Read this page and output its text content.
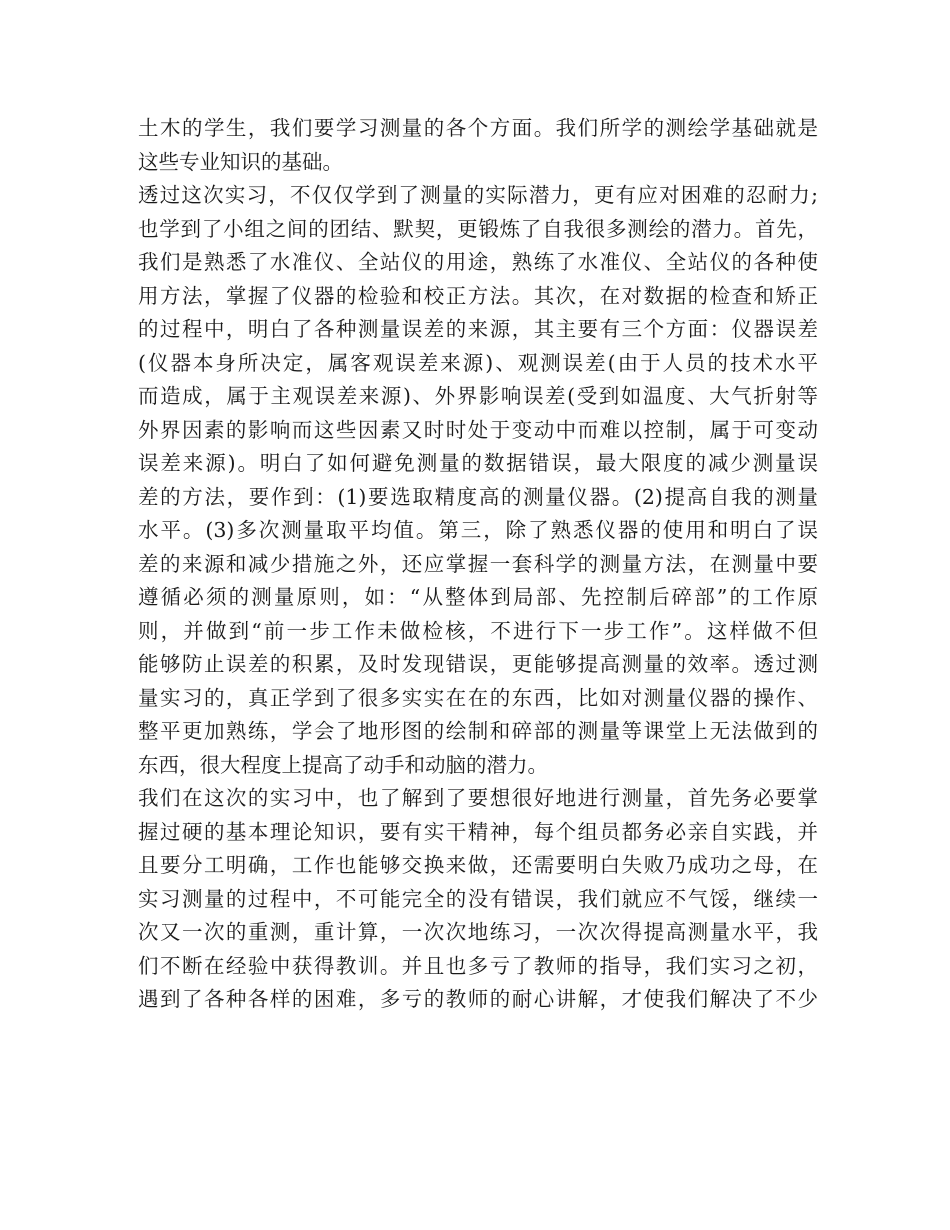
土木的学生，我们要学习测量的各个方面。我们所学的测绘学基础就是
这些专业知识的基础。
透过这次实习，不仅仅学到了测量的实际潜力，更有应对困难的忍耐力;
也学到了小组之间的团结、默契，更锻炼了自我很多测绘的潜力。首先，
我们是熟悉了水准仪、全站仪的用途，熟练了水准仪、全站仪的各种使
用方法，掌握了仪器的检验和校正方法。其次，在对数据的检查和矫正
的过程中，明白了各种测量误差的来源，其主要有三个方面：仪器误差
(仪器本身所决定，属客观误差来源)、观测误差(由于人员的技术水平
而造成，属于主观误差来源)、外界影响误差(受到如温度、大气折射等
外界因素的影响而这些因素又时时处于变动中而难以控制，属于可变动
误差来源)。明白了如何避免测量的数据错误，最大限度的减少测量误
差的方法，要作到：(1)要选取精度高的测量仪器。(2)提高自我的测量
水平。(3)多次测量取平均值。第三，除了熟悉仪器的使用和明白了误
差的来源和减少措施之外，还应掌握一套科学的测量方法，在测量中要
遵循必须的测量原则，如：“从整体到局部、先控制后碎部”的工作原
则，并做到“前一步工作未做检核，不进行下一步工作”。这样做不但
能够防止误差的积累，及时发现错误，更能够提高测量的效率。透过测
量实习的，真正学到了很多实实在在的东西，比如对测量仪器的操作、
整平更加熟练，学会了地形图的绘制和碎部的测量等课堂上无法做到的
东西，很大程度上提高了动手和动脑的潜力。
我们在这次的实习中，也了解到了要想很好地进行测量，首先务必要掌
握过硬的基本理论知识，要有实干精神，每个组员都务必亲自实践，并
且要分工明确，工作也能够交换来做，还需要明白失败乃成功之母，在
实习测量的过程中，不可能完全的没有错误，我们就应不气馁，继续一
次又一次的重测，重计算，一次次地练习，一次次得提高测量水平，我
们不断在经验中获得教训。并且也多亏了教师的指导，我们实习之初，
遇到了各种各样的困难，多亏的教师的耐心讲解，才使我们解决了不少
